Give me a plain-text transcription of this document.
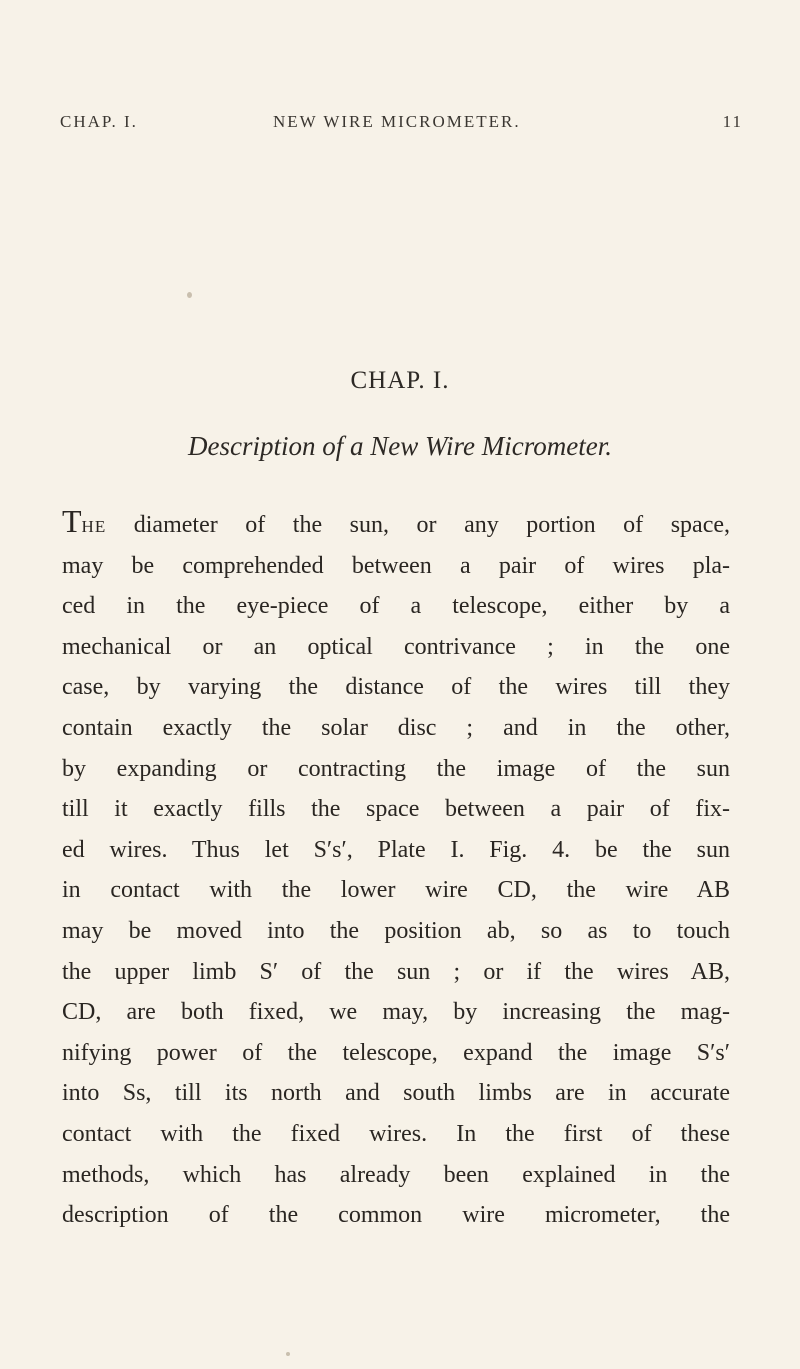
CHAP. I.	NEW WIRE MICROMETER.	11
CHAP. I.
Description of a New Wire Micrometer.
THE diameter of the sun, or any portion of space,
may be comprehended between a pair of wires pla-
ced in the eye-piece of a telescope, either by a
mechanical or an optical contrivance ; in the one
case, by varying the distance of the wires till they
contain exactly the solar disc ; and in the other,
by expanding or contracting the image of the sun
till it exactly fills the space between a pair of fix-
ed wires. Thus let S′s′, Plate I. Fig. 4. be the sun
in contact with the lower wire CD, the wire AB
may be moved into the position ab, so as to touch
the upper limb S′ of the sun ; or if the wires AB,
CD, are both fixed, we may, by increasing the mag-
nifying power of the telescope, expand the image S′s′
into Ss, till its north and south limbs are in accurate
contact with the fixed wires. In the first of these
methods, which has already been explained in the
description of the common wire micrometer, the
